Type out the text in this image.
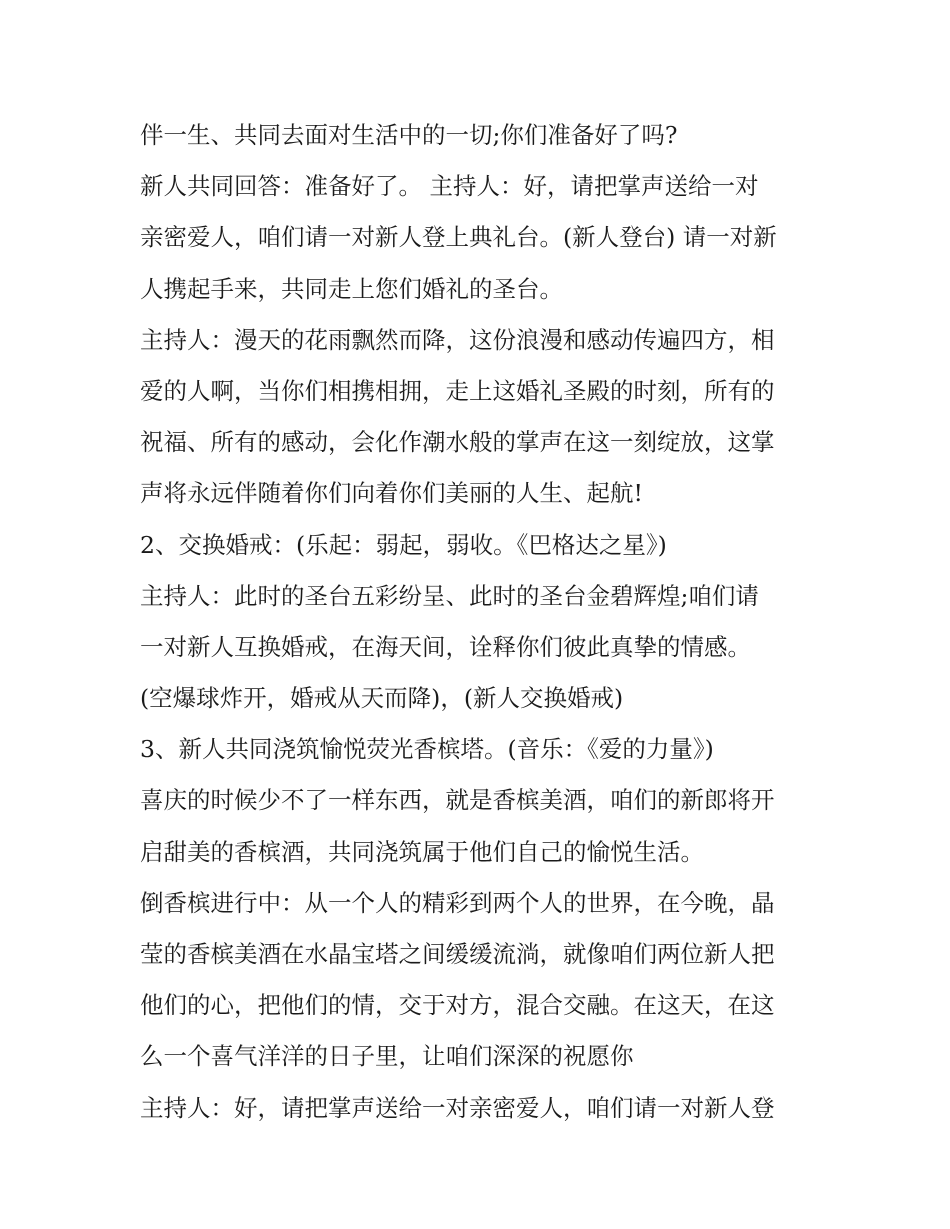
伴一生、共同去面对生活中的一切;你们准备好了吗?
新人共同回答：准备好了。 主持人：好，请把掌声送给一对
亲密爱人，咱们请一对新人登上典礼台。(新人登台) 请一对新
人携起手来，共同走上您们婚礼的圣台。
主持人：漫天的花雨飘然而降，这份浪漫和感动传遍四方，相
爱的人啊，当你们相携相拥，走上这婚礼圣殿的时刻，所有的
祝福、所有的感动，会化作潮水般的掌声在这一刻绽放，这掌
声将永远伴随着你们向着你们美丽的人生、起航!
2、交换婚戒：(乐起：弱起，弱收。《巴格达之星》)
主持人：此时的圣台五彩纷呈、此时的圣台金碧辉煌;咱们请
一对新人互换婚戒，在海天间，诠释你们彼此真挚的情感。
(空爆球炸开，婚戒从天而降)，(新人交换婚戒)
3、新人共同浇筑愉悦荧光香槟塔。(音乐：《爱的力量》)
喜庆的时候少不了一样东西，就是香槟美酒，咱们的新郎将开
启甜美的香槟酒，共同浇筑属于他们自己的愉悦生活。
倒香槟进行中：从一个人的精彩到两个人的世界，在今晚，晶
莹的香槟美酒在水晶宝塔之间缓缓流淌，就像咱们两位新人把
他们的心，把他们的情，交于对方，混合交融。在这天，在这
么一个喜气洋洋的日子里，让咱们深深的祝愿你
主持人：好，请把掌声送给一对亲密爱人，咱们请一对新人登
